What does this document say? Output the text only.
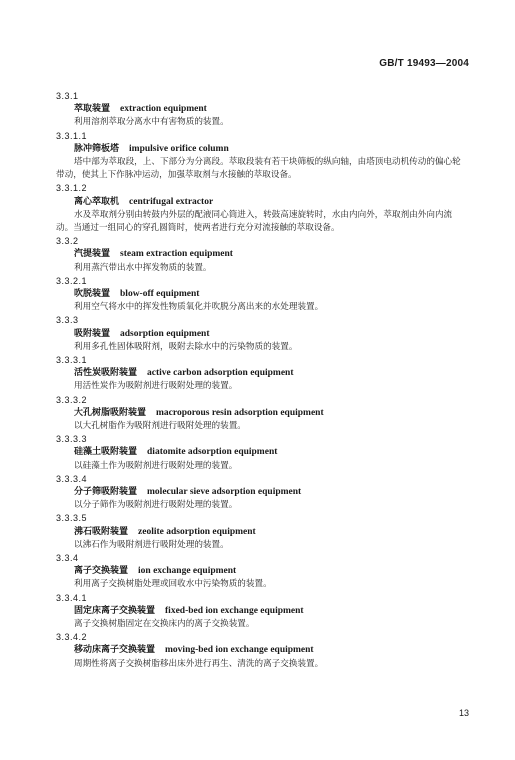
GB/T 19493—2004
3.3.1
萃取装置 extraction equipment
利用溶剂萃取分离水中有害物质的装置。
3.3.1.1
脉冲筛板塔 impulsive orifice column
塔中部为萃取段，上、下部分为分离段。萃取段装有若干块筛板的纵向轴，由塔顶电动机传动的偏心轮带动，使其上下作脉冲运动，加强萃取剂与水接触的萃取设备。
3.3.1.2
离心萃取机 centrifugal extractor
水及萃取剂分别由转鼓内外层的配液同心筒进入，转鼓高速旋转时，水由内向外，萃取剂由外向内流动。当通过一组同心的穿孔圆筒时，使两者进行充分对流接触的萃取设备。
3.3.2
汽提装置 steam extraction equipment
利用蒸汽带出水中挥发物质的装置。
3.3.2.1
吹脱装置 blow-off equipment
利用空气将水中的挥发性物质氧化并吹脱分离出来的水处理装置。
3.3.3
吸附装置 adsorption equipment
利用多孔性固体吸附剂，吸附去除水中的污染物质的装置。
3.3.3.1
活性炭吸附装置 active carbon adsorption equipment
用活性炭作为吸附剂进行吸附处理的装置。
3.3.3.2
大孔树脂吸附装置 macroporous resin adsorption equipment
以大孔树脂作为吸附剂进行吸附处理的装置。
3.3.3.3
硅藻土吸附装置 diatomite adsorption equipment
以硅藻土作为吸附剂进行吸附处理的装置。
3.3.3.4
分子筛吸附装置 molecular sieve adsorption equipment
以分子筛作为吸附剂进行吸附处理的装置。
3.3.3.5
沸石吸附装置 zeolite adsorption equipment
以沸石作为吸附剂进行吸附处理的装置。
3.3.4
离子交换装置 ion exchange equipment
利用离子交换树脂处理或回收水中污染物质的装置。
3.3.4.1
固定床离子交换装置 fixed-bed ion exchange equipment
离子交换树脂固定在交换床内的离子交换装置。
3.3.4.2
移动床离子交换装置 moving-bed ion exchange equipment
周期性将离子交换树脂移出床外进行再生、清洗的离子交换装置。
13
